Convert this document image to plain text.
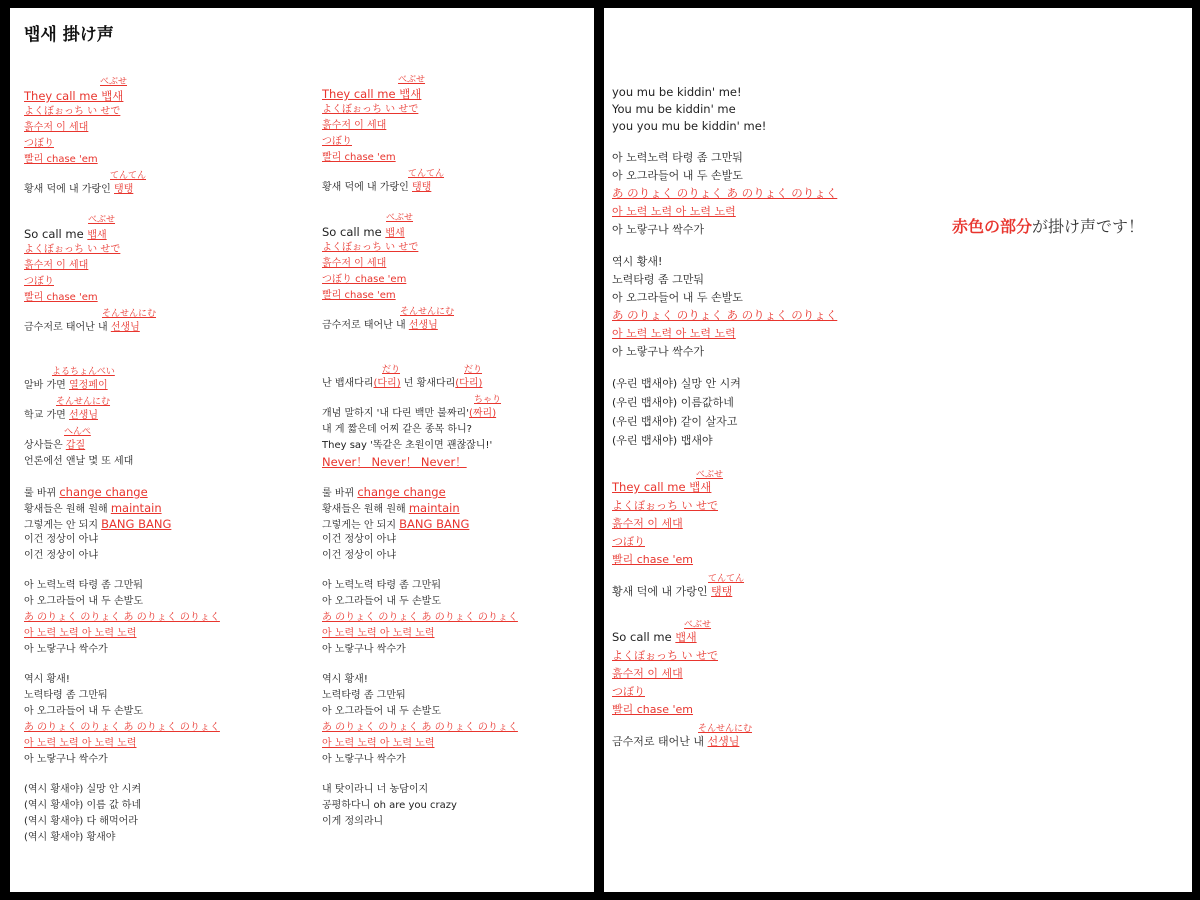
뱁새 掛け声
べぶせ
They call me 뱁새
よくぼぉっち い せで
흙수저 이 세대
つぼり
빨리 chase 'em
てんてん
황새 덕에 내 가랑인 탱탱
べぶせ
So call me 뱁새
よくぼぉっち い せで
흙수저 이 세대
つぼり
빨리 chase 'em
そんせんにむ
금수저로 태어난 내 선생님
よるちょんべい
알바 가면 열정페이
そんせんにむ
학교 가면 선생님
へんぺ
상사들은 갑질
언론에선 앤날 몇 또 세대
룰 바뀌 change change
황새들은 원해 원해 maintain
그렇게는 안 되지 BANG BANG
이건 정상이 아냐
이건 정상이 아냐
아 노력노력 타령 좀 그만둬
아 오그라들어 내 두 손발도
あ のりょく のりょく あ のりょく のりょく
아 노력 노력 아 노력 노력
아 노랗구나 싹수가
역시 황새!
노력타령 좀 그만둬
아 오그라들어 내 두 손발도
あ のりょく のりょく あ のりょく のりょく
아 노력 노력 아 노력 노력
아 노랗구나 싹수가
(역시 황새야) 실망 안 시켜
(역시 황새야) 이름 값 하네
(역시 황새야) 다 해먹어라
(역시 황새야) 황새야
べぶせ
They call me 뱁새
よくぼぉっち い せで
흙수저 이 세대
つぼり
빨리 chase 'em
てんてん
황새 덕에 내 가랑인 탱탱
べぶせ
So call me 뱁새
よくぼぉっち い せで
흙수저 이 세대
つぼり chase 'em
빨리 chase 'em
そんせんにむ
금수저로 태어난 내 선생님
だり	だり
난 뱁새다리(다리) 넌 황새다리(다리)
ちゃり
개념 말하지 '내 다린 백만 불짜리'(짜리)
내 게 짧은데 어찌 같은 종목 하니?
They say '똑같은 초원이면 괜찮잖니!'
Never！ Never！ Never！
룰 바뀌 change change
황새들은 원해 원해 maintain
그렇게는 안 되지 BANG BANG
이건 정상이 아냐
이건 정상이 아냐
아 노력노력 타령 좀 그만둬
아 오그라들어 내 두 손발도
あ のりょく のりょく あ のりょく のりょく
아 노력 노력 아 노력 노력
아 노랗구나 싹수가
역시 황새!
노력타령 좀 그만둬
아 오그라들어 내 두 손발도
あ のりょく のりょく あ のりょく のりょく
아 노력 노력 아 노력 노력
아 노랗구나 싹수가
내 탓이라니 너 농담이지
공평하다니 oh are you crazy
이게 정의라니
you mu be kiddin' me!
You mu be kiddin' me
you you mu be kiddin' me!
아 노력노력 타령 좀 그만둬
아 오그라들어 내 두 손발도
あ のりょく のりょく あ のりょく のりょく
아 노력 노력 아 노력 노력
아 노랗구나 싹수가
역시 황새!
노력타령 좀 그만둬
아 오그라들어 내 두 손발도
あ のりょく のりょく あ のりょく のりょく
아 노력 노력 아 노력 노력
아 노랗구나 싹수가
(우린 뱁새야) 실망 안 시켜
(우린 뱁새야) 이름값하네
(우린 뱁새야) 같이 살자고
(우린 뱁새야) 뱁새야
べぶせ
They call me 뱁새
よくぼぉっち い せで
흙수저 이 세대
つぼり
빨리 chase 'em
てんてん
황새 덕에 내 가랑인 탱탱
べぶせ
So call me 뱁새
よくぼぉっち い せで
흙수저 이 세대
つぼり
빨리 chase 'em
そんせんにむ
금수저로 태어난 내 선생님
赤色の部分が掛け声です！
